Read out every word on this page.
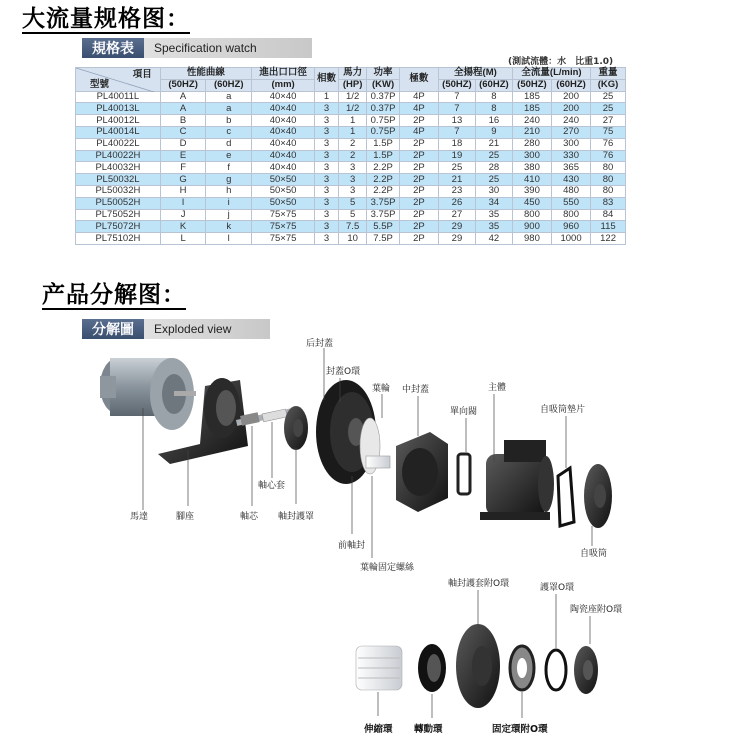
大流量规格图：
規格表	Specification watch
(測試流體：水　比重1.0)
型號
項目	性能曲線		進出口口徑	相數	馬力	功率	極數	全揚程(M)		全流量(L/min)		重量
	(50HZ)	(60HZ)	(mm)		(HP)	(KW)		(50HZ)	(60HZ)	(50HZ)	(60HZ)	(KG)
PL40011L	A	a	40×40	1	1/2	0.37P	4P	7	8	185	200	25
PL40013L	A	a	40×40	3	1/2	0.37P	4P	7	8	185	200	25
PL40012L	B	b	40×40	3	1	0.75P	2P	13	16	240	240	27
PL40014L	C	c	40×40	3	1	0.75P	4P	7	9	210	270	75
PL40022L	D	d	40×40	3	2	1.5P	2P	18	21	280	300	76
PL40022H	E	e	40×40	3	2	1.5P	2P	19	25	300	330	76
PL40032H	F	f	40×40	3	3	2.2P	2P	25	28	380	365	80
PL50032L	G	g	50×50	3	3	2.2P	2P	21	25	410	430	80
PL50032H	H	h	50×50	3	3	2.2P	2P	23	30	390	480	80
PL50052H	I	i	50×50	3	5	3.75P	2P	26	34	450	550	83
PL75052H	J	j	75×75	3	5	3.75P	2P	27	35	800	800	84
PL75072H	K	k	75×75	3	7.5	5.5P	2P	29	35	900	960	115
PL75102H	L	l	75×75	3	10	7.5P	2P	29	42	980	1000	122
产品分解图：
分解圖	Exploded view
馬達	腳座	軸芯
軸心套
軸封護罩
后封蓋
封蓋O環
葉輪
前軸封
葉輪固定螺絲
中封蓋
單向閥
主體
自吸筒墊片
自吸筒
伸縮環 轉動環
軸封護套附O環
固定環附O環
護罩O環
陶瓷座附O環
